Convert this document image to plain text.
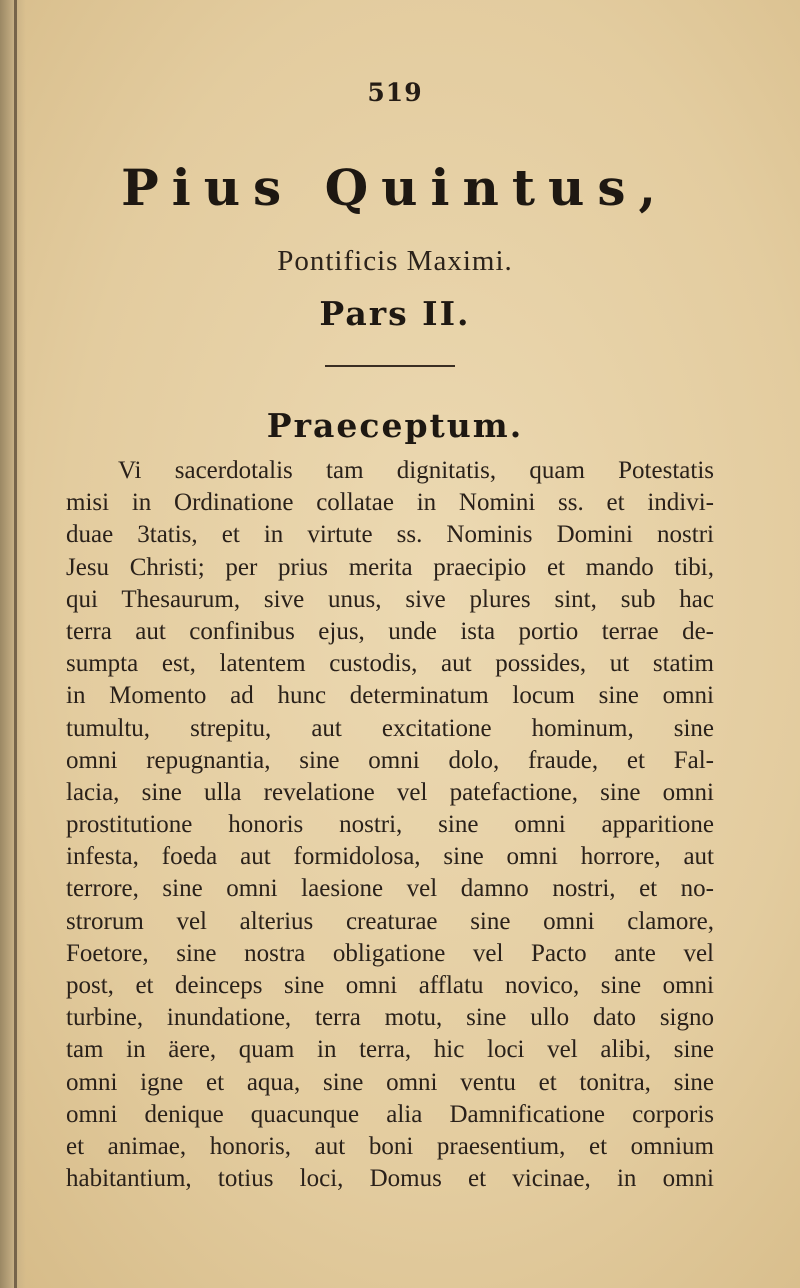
519
Pius Quintus,
Pontificis Maximi.
Pars II.
Praeceptum.
Vi sacerdotalis tam dignitatis, quam Potestatis
misi in Ordinatione collatae in Nomini ss. et indivi-
duae 3tatis, et in virtute ss. Nominis Domini nostri
Jesu Christi; per prius merita praecipio et mando tibi,
qui Thesaurum, sive unus, sive plures sint, sub hac
terra aut confinibus ejus, unde ista portio terrae de-
sumpta est, latentem custodis, aut possides, ut statim
in Momento ad hunc determinatum locum sine omni
tumultu, strepitu, aut excitatione hominum, sine
omni repugnantia, sine omni dolo, fraude, et Fal-
lacia, sine ulla revelatione vel patefactione, sine omni
prostitutione honoris nostri, sine omni apparitione
infesta, foeda aut formidolosa, sine omni horrore, aut
terrore, sine omni laesione vel damno nostri, et no-
strorum vel alterius creaturae sine omni clamore,
Foetore, sine nostra obligatione vel Pacto ante vel
post, et deinceps sine omni afflatu novico, sine omni
turbine, inundatione, terra motu, sine ullo dato signo
tam in äere, quam in terra, hic loci vel alibi, sine
omni igne et aqua, sine omni ventu et tonitra, sine
omni denique quacunque alia Damnificatione corporis
et animae, honoris, aut boni praesentium, et omnium
habitantium, totius loci, Domus et vicinae, in omni
